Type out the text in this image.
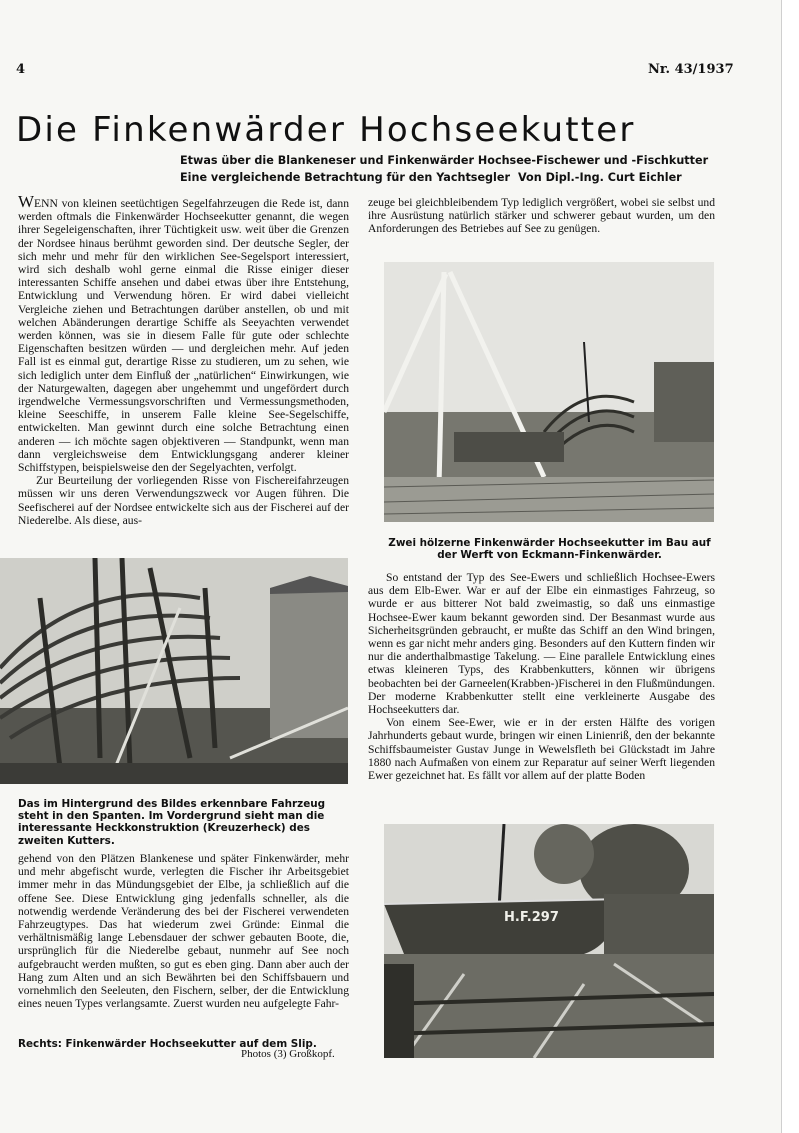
4	Nr. 43/1937
Die Finkenwärder Hochseekutter
Etwas über die Blankeneser und Finkenwärder Hochsee-Fischewer und -Fischkutter
Eine vergleichende Betrachtung für den Yachtsegler Von Dipl.-Ing. Curt Eichler

WENN von kleinen seetüchtigen Segelfahrzeugen die Rede ist, dann werden oftmals die Finkenwärder Hochseekutter genannt, die wegen ihrer Segeleigenschaften, ihrer Tüchtigkeit usw. weit über die Grenzen der Nordsee hinaus berühmt geworden sind. Der deutsche Segler, der sich mehr und mehr für den wirklichen See-Segelsport interessiert, wird sich deshalb wohl gerne einmal die Risse einiger dieser interessanten Schiffe ansehen und dabei etwas über ihre Entstehung, Entwicklung und Verwendung hören. Er wird dabei vielleicht Vergleiche ziehen und Betrachtungen darüber anstellen, ob und mit welchen Abänderungen derartige Schiffe als Seeyachten verwendet werden können, was sie in diesem Falle für gute oder schlechte Eigenschaften besitzen würden — und dergleichen mehr. Auf jeden Fall ist es einmal gut, derartige Risse zu studieren, um zu sehen, wie sich lediglich unter dem Einfluß der „natürlichen“ Einwirkungen, wie der Naturgewalten, dagegen aber ungehemmt und ungefördert durch irgendwelche Vermessungsvorschriften und Vermessungsmethoden, kleine Seeschiffe, in unserem Falle kleine See-Segelschiffe, entwickelten. Man gewinnt durch eine solche Betrachtung einen anderen — ich möchte sagen objektiveren — Standpunkt, wenn man dann vergleichsweise dem Entwicklungsgang anderer kleiner Schiffstypen, beispielsweise den der Segelyachten, verfolgt.

Zur Beurteilung der vorliegenden Risse von Fischereifahrzeugen müssen wir uns deren Verwendungszweck vor Augen führen. Die Seefischerei auf der Nordsee entwickelte sich aus der Fischerei auf der Niederelbe. Als diese, aus-

Das im Hintergrund des Bildes erkennbare Fahrzeug steht in den Spanten. Im Vordergrund sieht man die interessante Heckkonstruktion (Kreuzerheck) des zweiten Kutters.

gehend von den Plätzen Blankenese und später Finkenwärder, mehr und mehr abgefischt wurde, verlegten die Fischer ihr Arbeitsgebiet immer mehr in das Mündungsgebiet der Elbe, ja schließlich auf die offene See. Diese Entwicklung ging jedenfalls schneller, als die notwendig werdende Veränderung des bei der Fischerei verwendeten Fahrzeugtypes. Das hat wiederum zwei Gründe: Einmal die verhältnismäßig lange Lebensdauer der schwer gebauten Boote, die, ursprünglich für die Niederelbe gebaut, nunmehr auf See noch aufgebraucht werden mußten, so gut es eben ging. Dann aber auch der Hang zum Alten und an sich Bewährten bei den Schiffsbauern und vornehmlich den Seeleuten, den Fischern, selber, der die Entwicklung eines neuen Types verlangsamte. Zuerst wurden neu aufgelegte Fahr-

Rechts: Finkenwärder Hochseekutter auf dem Slip.
Photos (3) Großkopf.

zeuge bei gleichbleibendem Typ lediglich vergrößert, wobei sie selbst und ihre Ausrüstung natürlich stärker und schwerer gebaut wurden, um den Anforderungen des Betriebes auf See zu genügen.

Zwei hölzerne Finkenwärder Hochseekutter im Bau auf der Werft von Eckmann-Finkenwärder.

So entstand der Typ des See-Ewers und schließlich Hochsee-Ewers aus dem Elb-Ewer. War er auf der Elbe ein einmastiges Fahrzeug, so wurde er aus bitterer Not bald zweimastig, so daß uns einmastige Hochsee-Ewer kaum bekannt geworden sind. Der Besanmast wurde aus Sicherheitsgründen gebraucht, er mußte das Schiff an den Wind bringen, wenn es gar nicht mehr anders ging. Besonders auf den Kuttern finden wir nur die anderthalbmastige Takelung. — Eine parallele Entwicklung eines etwas kleineren Typs, des Krabbenkutters, können wir übrigens beobachten bei der Garneelen(Krabben-)Fischerei in den Flußmündungen. Der moderne Krabbenkutter stellt eine verkleinerte Ausgabe des Hochseekutters dar.

Von einem See-Ewer, wie er in der ersten Hälfte des vorigen Jahrhunderts gebaut wurde, bringen wir einen Linienriß, den der bekannte Schiffsbaumeister Gustav Junge in Wewelsfleth bei Glückstadt im Jahre 1880 nach Aufmaßen von einem zur Reparatur auf seiner Werft liegenden Ewer gezeichnet hat. Es fällt vor allem auf der platte Boden

H.F.297
